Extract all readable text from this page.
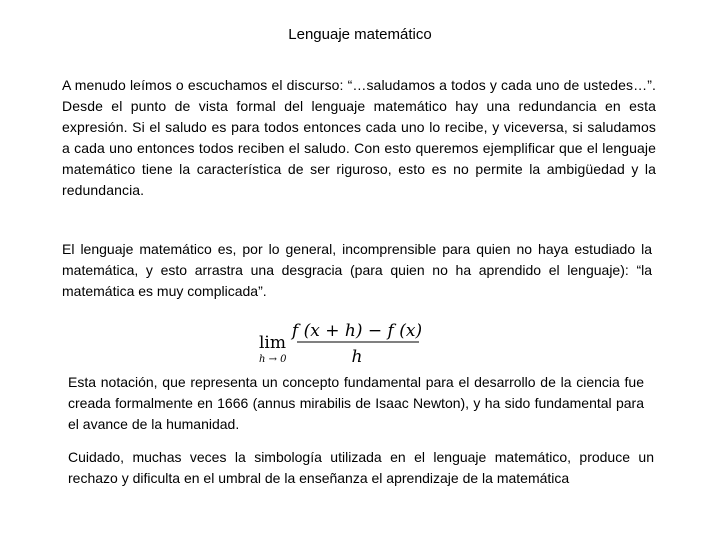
Lenguaje matemático

A menudo leímos o escuchamos el discurso: “…saludamos a todos y cada uno de ustedes…”. Desde el punto de vista formal del lenguaje matemático hay una redundancia en esta expresión. Si el saludo es para todos entonces cada uno lo recibe, y viceversa, si saludamos a cada uno entonces todos reciben el saludo. Con esto queremos ejemplificar que el lenguaje matemático tiene la característica de ser riguroso, esto es no permite la ambigüedad y la redundancia.

El lenguaje matemático es, por lo general, incomprensible para quien no haya estudiado la matemática, y esto arrastra una desgracia (para quien no ha aprendido el lenguaje): “la matemática es muy complicada”.

lim
h → 0
f (x + h) − f (x)
h

Esta notación, que representa un concepto fundamental para el desarrollo de la ciencia fue creada formalmente en 1666 (annus mirabilis de Isaac Newton), y ha sido fundamental para el avance de la humanidad.

Cuidado, muchas veces la simbología utilizada en el lenguaje matemático, produce un rechazo y dificulta en el umbral de la enseñanza el aprendizaje de la matemática
